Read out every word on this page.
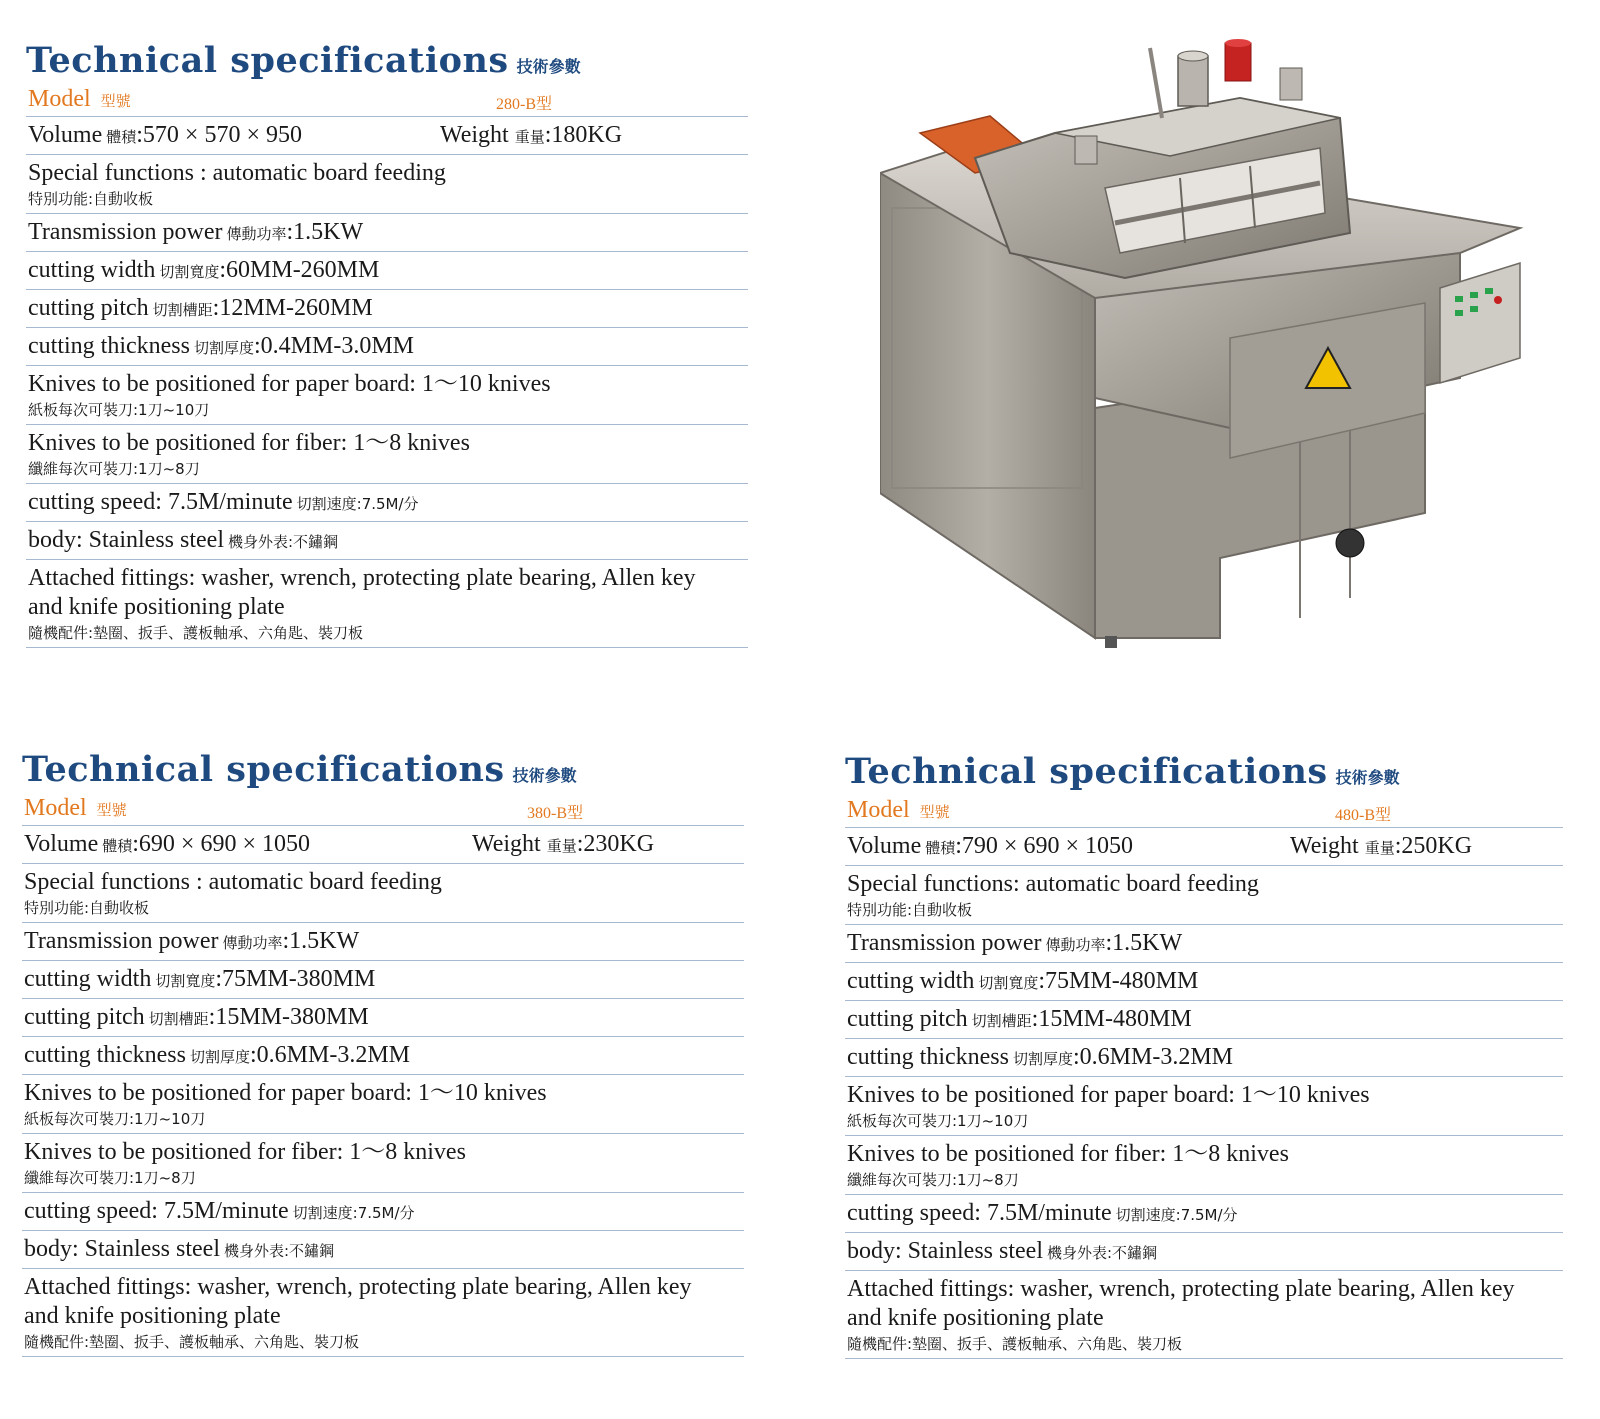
Technical specifications 技術參數
Model 型號	280-B型
Volume 體積:570 × 570 × 950	Weight 重量:180KG
Special functions : automatic board feeding
特別功能:自動收板
Transmission power 傳動功率:1.5KW
cutting width 切割寬度:60MM-260MM
cutting pitch 切割槽距:12MM-260MM
cutting thickness 切割厚度:0.4MM-3.0MM
Knives to be positioned for paper board: 1～10 knives
紙板每次可裝刀:1刀~10刀
Knives to be positioned for fiber: 1～8 knives
纖維每次可裝刀:1刀~8刀
cutting speed: 7.5M/minute 切割速度:7.5M/分
body: Stainless steel 機身外表:不鏽鋼
Attached fittings: washer, wrench, protecting plate bearing, Allen key and knife positioning plate
隨機配件:墊圈、扳手、護板軸承、六角匙、裝刀板
Technical specifications 技術參數
Model 型號	380-B型
Volume 體積:690 × 690 × 1050	Weight 重量:230KG
Special functions : automatic board feeding
特別功能:自動收板
Transmission power 傳動功率:1.5KW
cutting width 切割寬度:75MM-380MM
cutting pitch 切割槽距:15MM-380MM
cutting thickness 切割厚度:0.6MM-3.2MM
Knives to be positioned for paper board: 1～10 knives
紙板每次可裝刀:1刀~10刀
Knives to be positioned for fiber: 1～8 knives
纖維每次可裝刀:1刀~8刀
cutting speed: 7.5M/minute 切割速度:7.5M/分
body: Stainless steel 機身外表:不鏽鋼
Attached fittings: washer, wrench, protecting plate bearing, Allen key and knife positioning plate
隨機配件:墊圈、扳手、護板軸承、六角匙、裝刀板
Technical specifications 技術參數
Model 型號	480-B型
Volume 體積:790 × 690 × 1050	Weight 重量:250KG
Special functions: automatic board feeding
特別功能:自動收板
Transmission power 傳動功率:1.5KW
cutting width 切割寬度:75MM-480MM
cutting pitch 切割槽距:15MM-480MM
cutting thickness 切割厚度:0.6MM-3.2MM
Knives to be positioned for paper board: 1～10 knives
紙板每次可裝刀:1刀~10刀
Knives to be positioned for fiber: 1～8 knives
纖維每次可裝刀:1刀~8刀
cutting speed: 7.5M/minute 切割速度:7.5M/分
body: Stainless steel 機身外表:不鏽鋼
Attached fittings: washer, wrench, protecting plate bearing, Allen key and knife positioning plate
隨機配件:墊圈、扳手、護板軸承、六角匙、裝刀板
